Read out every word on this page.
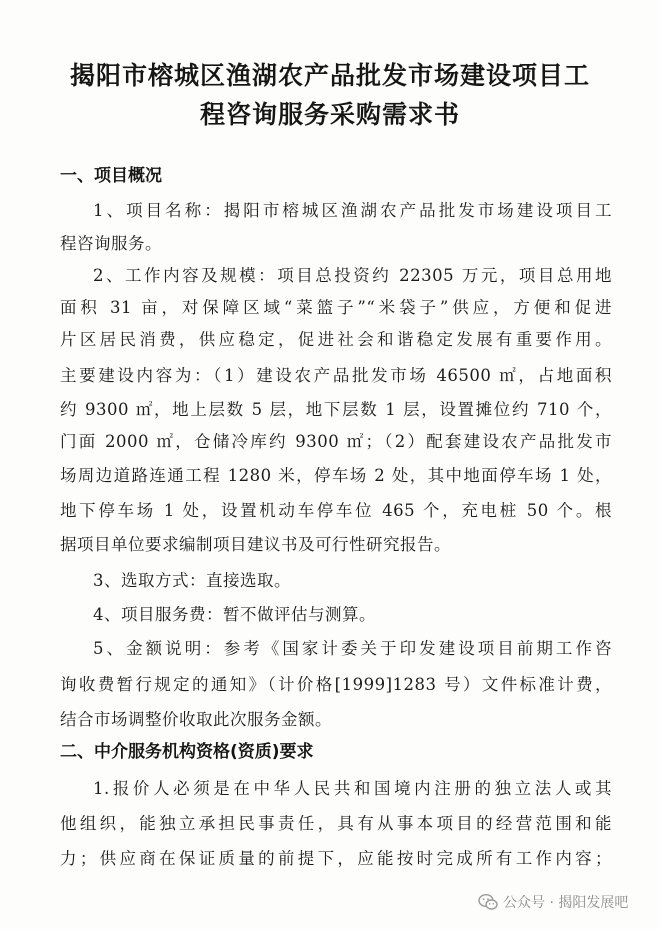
揭阳市榕城区渔湖农产品批发市场建设项目工
程咨询服务采购需求书
一、项目概况
1、项目名称：揭阳市榕城区渔湖农产品批发市场建设项目工
程咨询服务。
2、工作内容及规模：项目总投资约 22305 万元，项目总用地
面积 31 亩，对保障区域“菜篮子”“米袋子”供应，方便和促进
片区居民消费，供应稳定，促进社会和谐稳定发展有重要作用。
主要建设内容为：（1）建设农产品批发市场 46500 ㎡，占地面积
约 9300 ㎡，地上层数 5 层，地下层数 1 层，设置摊位约 710 个，
门面 2000 ㎡，仓储冷库约 9300 ㎡；（2）配套建设农产品批发市
场周边道路连通工程 1280 米，停车场 2 处，其中地面停车场 1 处，
地下停车场 1 处，设置机动车停车位 465 个，充电桩 50 个。根
据项目单位要求编制项目建议书及可行性研究报告。
3、选取方式：直接选取。
4、项目服务费：暂不做评估与测算。
5、金额说明：参考《国家计委关于印发建设项目前期工作咨
询收费暂行规定的通知》（计价格[1999]1283 号）文件标准计费，
结合市场调整价收取此次服务金额。
二、中介服务机构资格(资质)要求
1.报价人必须是在中华人民共和国境内注册的独立法人或其
他组织，能独立承担民事责任，具有从事本项目的经营范围和能
力；供应商在保证质量的前提下，应能按时完成所有工作内容；
公众号 · 揭阳发展吧
